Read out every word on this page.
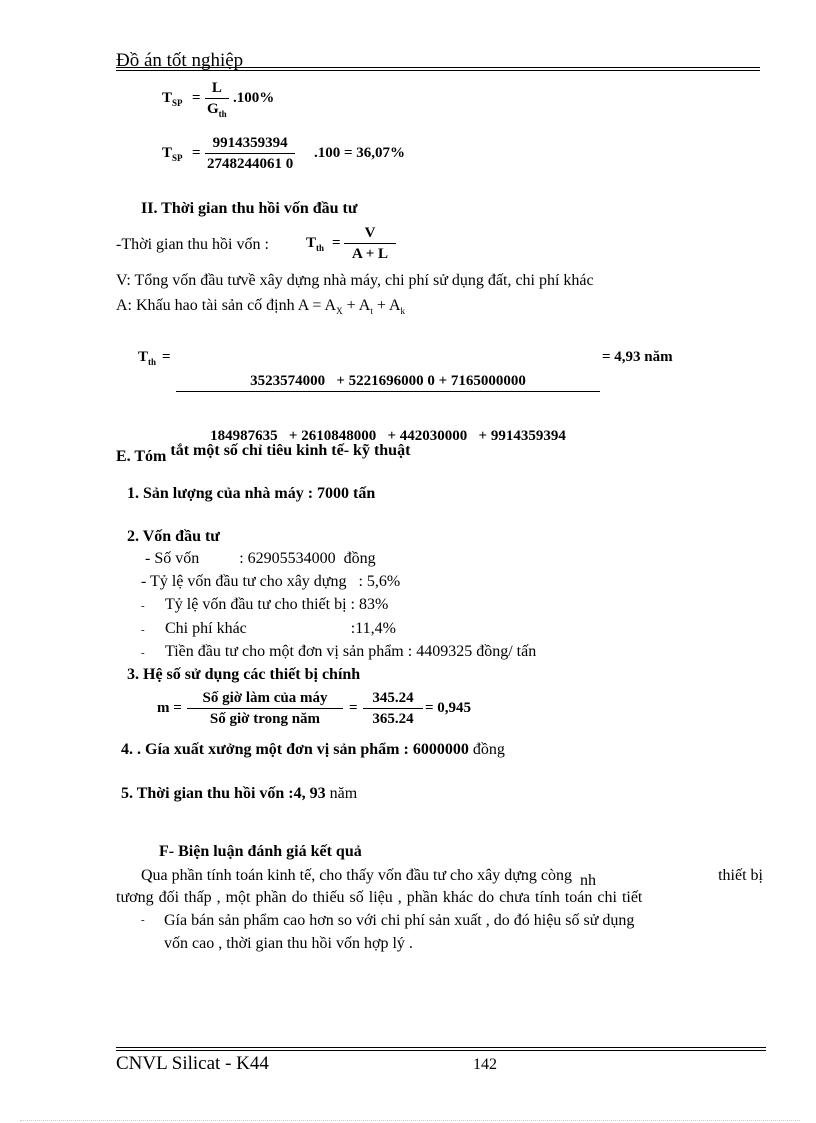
Đồ án tốt nghiệp
$T_{SP}$ =
L
$G_{th}$
.100%
$T_{SP} = \frac{9914359394}{2748244061 0} .100 = 36,07\%$
II. Thời gian thu hồi vốn đầu tư
-Thời gian thu hồi vốn : $T_{th} = \frac{V}{A + L}$
V: Tổng vốn đầu tưvề xây dựng nhà máy, chi phí sử dụng đất, chi phí khác
A: Khấu hao tài sản cố định $A = A_X + A_t + A_k$
$T_{th}$ =

$\frac{3523574000 + 5221696000 0 + 7165000000}{184987635 + 2610848000 + 442030000 + 9914359394}$

= 4,93 năm
E. Tóm tắt một số chỉ tiêu kinh tế- kỹ thuật
1. Sản lượng của nhà máy : 7000 tấn
2. Vốn đầu tư
- Số vốn          : 62905534000  đồng
- Tỷ lệ vốn đầu tư cho xây dựng   : 5,6%
- Tỷ lệ vốn đầu tư cho thiết bị : 83%
- Chi phí khác                          :11,4%
- Tiền đầu tư cho một đơn vị sản phẩm : 4409325 đồng/ tấn
3. Hệ số sử dụng các thiết bị chính
m =
Số giờ làm của máy
Số giờ trong năm
= $\frac{345.24}{365.24} = 0,945$
4. . Gía xuất xưởng một đơn vị sản phẩm : 6000000 đồng
5. Thời gian thu hồi vốn :4, 93 năm
F- Biện luận đánh giá kết quả
Qua phần tính toán kinh tế, cho thấy vốn đầu tư cho xây dựng còng nh	thiết bị
tương đối thấp , một phần do thiếu số liệu , phần khác do chưa tính toán chi tiết
- Gía bán sản phẩm cao hơn so với chi phí sản xuất , do đó hiệu số sử dụng
vốn cao , thời gian thu hồi vốn hợp lý .
CNVL Silicat - K44	142
